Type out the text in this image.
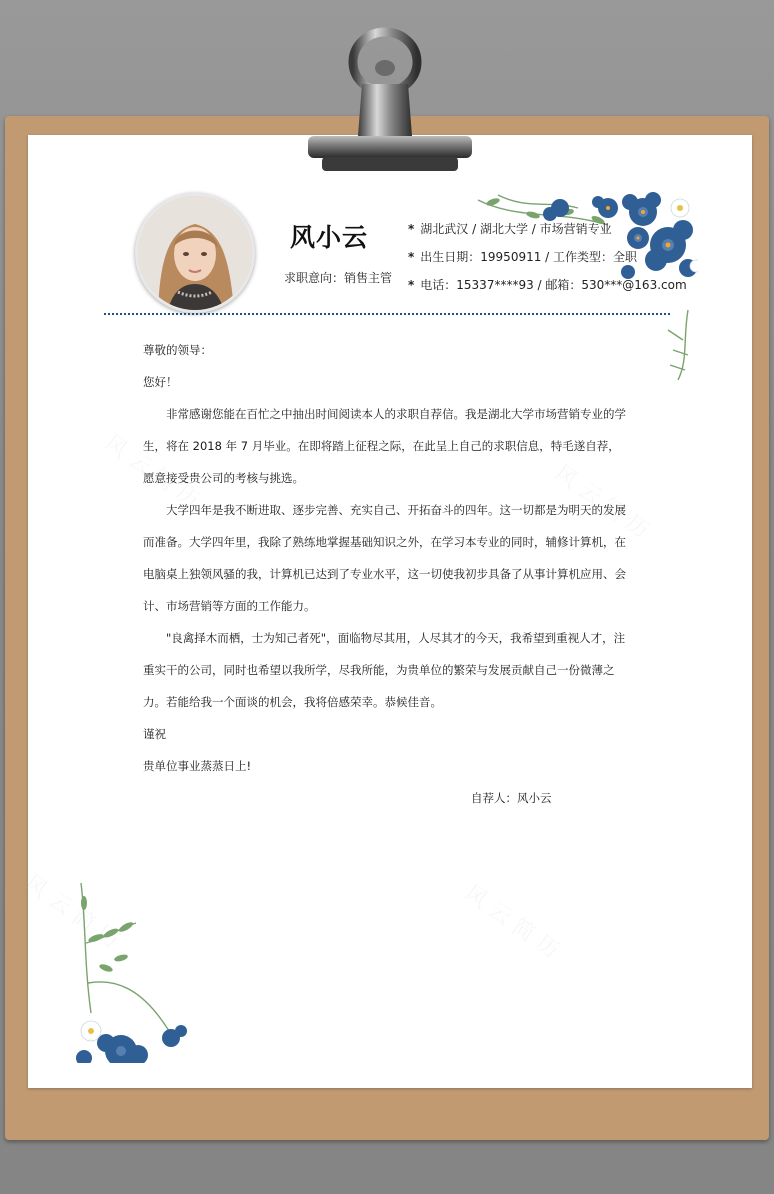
风小云
求职意向：销售主管
* 湖北武汉 / 湖北大学 / 市场营销专业
* 出生日期：19950911 / 工作类型：全职
* 电话：15337****93 / 邮箱：530***@163.com

尊敬的领导：

您好！

非常感谢您能在百忙之中抽出时间阅读本人的求职自荐信。我是湖北大学市场营销专业的学生，将在 2018 年 7 月毕业。在即将踏上征程之际，在此呈上自己的求职信息，特毛遂自荐，愿意接受贵公司的考核与挑选。

大学四年是我不断进取、逐步完善、充实自己、开拓奋斗的四年。这一切都是为明天的发展而准备。大学四年里，我除了熟练地掌握基础知识之外，在学习本专业的同时，辅修计算机，在电脑桌上独领风骚的我，计算机已达到了专业水平，这一切使我初步具备了从事计算机应用、会计、市场营销等方面的工作能力。

"良禽择木而栖，士为知己者死"，面临物尽其用，人尽其才的今天，我希望到重视人才，注重实干的公司，同时也希望以我所学，尽我所能，为贵单位的繁荣与发展贡献自己一份微薄之力。若能给我一个面谈的机会，我将倍感荣幸。恭候佳音。

谨祝

贵单位事业蒸蒸日上!

自荐人：风小云
